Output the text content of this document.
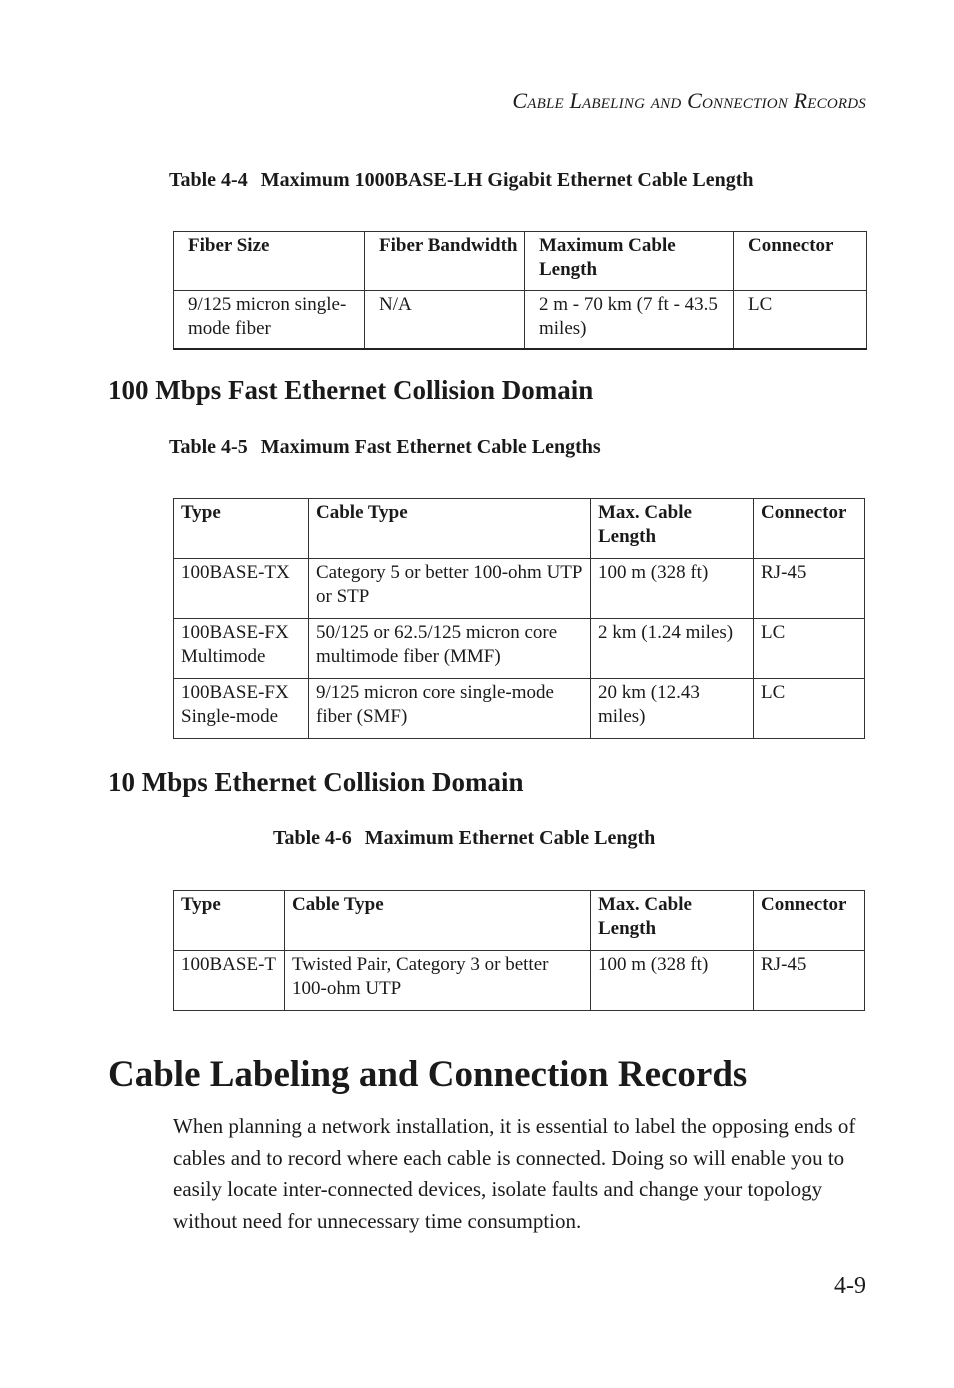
Cable Labeling and Connection Records
Table 4-4 Maximum 1000BASE-LH Gigabit Ethernet Cable Length
Fiber Size	Fiber Bandwidth	Maximum Cable Length	Connector
9/125 micron single-mode fiber	N/A	2 m - 70 km (7 ft - 43.5 miles)	LC
100 Mbps Fast Ethernet Collision Domain
Table 4-5 Maximum Fast Ethernet Cable Lengths
Type	Cable Type	Max. Cable Length	Connector
100BASE-TX	Category 5 or better 100-ohm UTP or STP	100 m (328 ft)	RJ-45
100BASE-FX Multimode	50/125 or 62.5/125 micron core multimode fiber (MMF)	2 km (1.24 miles)	LC
100BASE-FX Single-mode	9/125 micron core single-mode fiber (SMF)	20 km (12.43 miles)	LC
10 Mbps Ethernet Collision Domain
Table 4-6 Maximum Ethernet Cable Length
Type	Cable Type	Max. Cable Length	Connector
100BASE-T	Twisted Pair, Category 3 or better 100-ohm UTP	100 m (328 ft)	RJ-45
Cable Labeling and Connection Records

When planning a network installation, it is essential to label the opposing ends of cables and to record where each cable is connected. Doing so will enable you to easily locate inter-connected devices, isolate faults and change your topology without need for unnecessary time consumption.

4-9
